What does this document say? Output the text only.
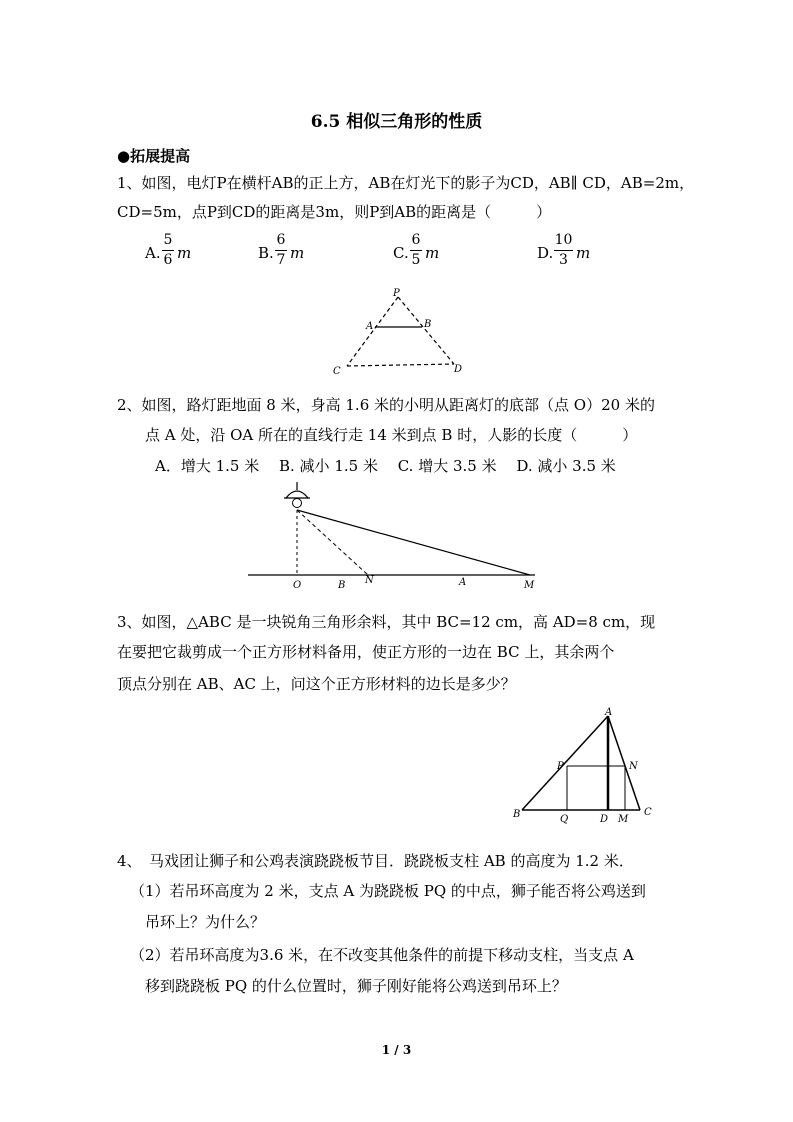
6.5 相似三角形的性质
●拓展提高
1、如图，电灯P在横杆AB的正上方，AB在灯光下的影子为CD，AB∥ CD，AB=2m，
CD=5m，点P到CD的距离是3m，则P到AB的距离是（　　　）
A.
5
6 m	B.
6
7 m	C.
6
5 m	D.
10
3 m
P
A	B
C	D
2、如图，路灯距地面 8 米，身高 1.6 米的小明从距离灯的底部（点 O）20 米的
点 A 处，沿 OA 所在的直线行走 14 米到点 B 时，人影的长度（　　　）
A．增大 1.5 米　 B. 减小 1.5 米　 C. 增大 3.5 米　 D. 减小 3.5 米
O	B N	A	M
3、如图，△ABC 是一块锐角三角形余料，其中 BC=12 cm，高 AD=8 cm，现
在要把它裁剪成一个正方形材料备用，使正方形的一边在 BC 上，其余两个
顶点分别在 AB、AC 上，问这个正方形材料的边长是多少？
A
P	N
B	Q	D M
C
4、　马戏团让狮子和公鸡表演跷跷板节目．跷跷板支柱 AB 的高度为 1.2 米．
（1）若吊环高度为 2 米，支点 A 为跷跷板 PQ 的中点，狮子能否将公鸡送到
吊环上？为什么？
（2）若吊环高度为3.6 米，在不改变其他条件的前提下移动支柱，当支点 A
移到跷跷板 PQ 的什么位置时，狮子刚好能将公鸡送到吊环上？
1 / 3
